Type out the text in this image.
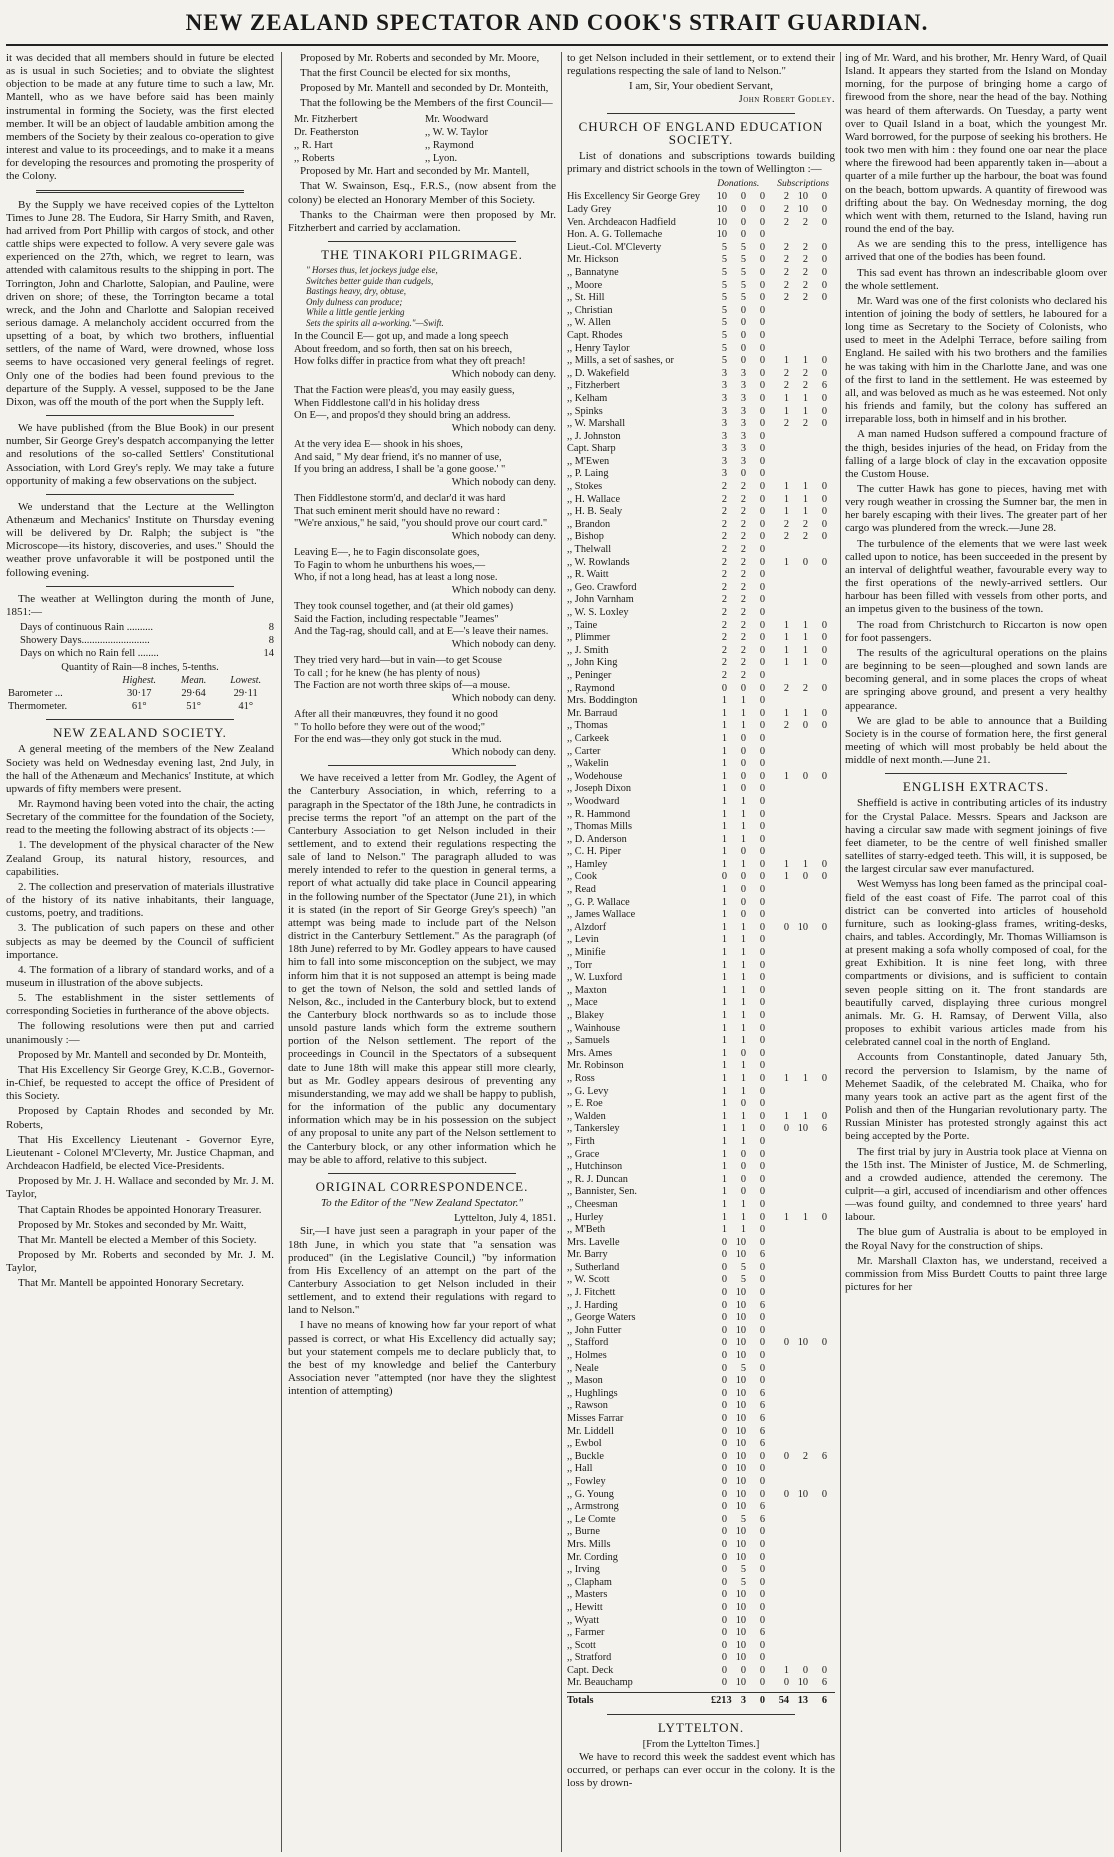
NEW ZEALAND SPECTATOR AND COOK'S STRAIT GUARDIAN.

it was decided that all members should in future be elected as is usual in such Societies; and to obviate the slightest objection to be made at any future time to such a law, Mr. Mantell, who as we have before said has been mainly instrumental in forming the Society, was the first elected member. It will be an object of laudable ambition among the members of the Society by their zealous co-operation to give interest and value to its proceedings, and to make it a means for developing the resources and promoting the prosperity of the Colony.

By the Supply we have received copies of the Lyttelton Times to June 28. The Eudora, Sir Harry Smith, and Raven, had arrived from Port Phillip with cargos of stock, and other cattle ships were expected to follow. A very severe gale was experienced on the 27th, which, we regret to learn, was attended with calamitous results to the shipping in port. The Torrington, John and Charlotte, Salopian, and Pauline, were driven on shore; of these, the Torrington became a total wreck, and the John and Charlotte and Salopian received serious damage. A melancholy accident occurred from the upsetting of a boat, by which two brothers, influential settlers, of the name of Ward, were drowned, whose loss seems to have occasioned very general feelings of regret. Only one of the bodies had been found previous to the departure of the Supply. A vessel, supposed to be the Jane Dixon, was off the mouth of the port when the Supply left.

We have published (from the Blue Book) in our present number, Sir George Grey's despatch accompanying the letter and resolutions of the so-called Settlers' Constitutional Association, with Lord Grey's reply. We may take a future opportunity of making a few observations on the subject.

We understand that the Lecture at the Wellington Athenæum and Mechanics' Institute on Thursday evening will be delivered by Dr. Ralph; the subject is "the Microscope—its history, discoveries, and uses." Should the weather prove unfavorable it will be postponed until the following evening.

The weather at Wellington during the month of June, 1851:—

Days of continuous Rain ..........	8
Showery Days..........................	8
Days on which no Rain fell ........	14
Quantity of Rain—8 inches, 5-tenths.
	Highest.	Mean.	Lowest.
Barometer ...	30·17	29·64	29·11
Thermometer.	61°	51°	41°
NEW ZEALAND SOCIETY.

A general meeting of the members of the New Zealand Society was held on Wednesday evening last, 2nd July, in the hall of the Athenæum and Mechanics' Institute, at which upwards of fifty members were present.

Mr. Raymond having been voted into the chair, the acting Secretary of the committee for the foundation of the Society, read to the meeting the following abstract of its objects :—

1. The development of the physical character of the New Zealand Group, its natural history, resources, and capabilities.

2. The collection and preservation of materials illustrative of the history of its native inhabitants, their language, customs, poetry, and traditions.

3. The publication of such papers on these and other subjects as may be deemed by the Council of sufficient importance.

4. The formation of a library of standard works, and of a museum in illustration of the above subjects.

5. The establishment in the sister settlements of corresponding Societies in furtherance of the above objects.

The following resolutions were then put and carried unanimously :—

Proposed by Mr. Mantell and seconded by Dr. Monteith,

That His Excellency Sir George Grey, K.C.B., Governor-in-Chief, be requested to accept the office of President of this Society.

Proposed by Captain Rhodes and seconded by Mr. Roberts,

That His Excellency Lieutenant - Governor Eyre, Lieutenant - Colonel M'Cleverty, Mr. Justice Chapman, and Archdeacon Hadfield, be elected Vice-Presidents.

Proposed by Mr. J. H. Wallace and seconded by Mr. J. M. Taylor,

That Captain Rhodes be appointed Honorary Treasurer.

Proposed by Mr. Stokes and seconded by Mr. Waitt,

That Mr. Mantell be elected a Member of this Society.

Proposed by Mr. Roberts and seconded by Mr. J. M. Taylor,

That Mr. Mantell be appointed Honorary Secretary.

Proposed by Mr. Roberts and seconded by Mr. Moore,

That the first Council be elected for six months,

Proposed by Mr. Mantell and seconded by Dr. Monteith,

That the following be the Members of the first Council—

Mr. Fitzherbert	Mr. Woodward
Dr. Featherston	,, W. W. Taylor
,, R. Hart	,, Raymond
,, Roberts	,, Lyon.

Proposed by Mr. Hart and seconded by Mr. Mantell,

That W. Swainson, Esq., F.R.S., (now absent from the colony) be elected an Honorary Member of this Society.

Thanks to the Chairman were then proposed by Mr. Fitzherbert and carried by acclamation.

THE TINAKORI PILGRIMAGE.
" Horses thus, let jockeys judge else,
Switches better guide than cudgels,
Bastings heavy, dry, obtuse,
Only dulness can produce;
While a little gentle jerking
Sets the spirits all a-working."—Swift.
In the Council E— got up, and made a long speech
About freedom, and so forth, then sat on his breech,
How folks differ in practice from what they oft preach!
Which nobody can deny.
That the Faction were pleas'd, you may easily guess,
When Fiddlestone call'd in his holiday dress
On E—, and propos'd they should bring an address.
Which nobody can deny.
At the very idea E— shook in his shoes,
And said, " My dear friend, it's no manner of use,
If you bring an address, I shall be 'a gone goose.' "
Which nobody can deny.
Then Fiddlestone storm'd, and declar'd it was hard
That such eminent merit should have no reward :
"We're anxious," he said, "you should prove our court card."
Which nobody can deny.
Leaving E—, he to Fagin disconsolate goes,
To Fagin to whom he unburthens his woes,—
Who, if not a long head, has at least a long nose.
Which nobody can deny.
They took counsel together, and (at their old games)
Said the Faction, including respectable "Jeames"
And the Tag-rag, should call, and at E—'s leave their names.
Which nobody can deny.
They tried very hard—but in vain—to get Scouse
To call ; for he knew (he has plenty of nous)
The Faction are not worth three skips of—a mouse.
Which nobody can deny.
After all their manœuvres, they found it no good
" To hollo before they were out of the wood;"
For the end was—they only got stuck in the mud.
Which nobody can deny.

We have received a letter from Mr. Godley, the Agent of the Canterbury Association, in which, referring to a paragraph in the Spectator of the 18th June, he contradicts in precise terms the report "of an attempt on the part of the Canterbury Association to get Nelson included in their settlement, and to extend their regulations respecting the sale of land to Nelson." The paragraph alluded to was merely intended to refer to the question in general terms, a report of what actually did take place in Council appearing in the following number of the Spectator (June 21), in which it is stated (in the report of Sir George Grey's speech) "an attempt was being made to include part of the Nelson district in the Canterbury Settlement." As the paragraph (of 18th June) referred to by Mr. Godley appears to have caused him to fall into some misconception on the subject, we may inform him that it is not supposed an attempt is being made to get the town of Nelson, the sold and settled lands of Nelson, &c., included in the Canterbury block, but to extend the Canterbury block northwards so as to include those unsold pasture lands which form the extreme southern portion of the Nelson settlement. The report of the proceedings in Council in the Spectators of a subsequent date to June 18th will make this appear still more clearly, but as Mr. Godley appears desirous of preventing any misunderstanding, we may add we shall be happy to publish, for the information of the public any documentary information which may be in his possession on the subject of any proposal to unite any part of the Nelson settlement to the Canterbury block, or any other information which he may be able to afford, relative to this subject.

ORIGINAL CORRESPONDENCE.

To the Editor of the "New Zealand Spectator."

Lyttelton, July 4, 1851.

Sir,—I have just seen a paragraph in your paper of the 18th June, in which you state that "a sensation was produced" (in the Legislative Council,) "by information from His Excellency of an attempt on the part of the Canterbury Association to get Nelson included in their settlement, and to extend their regulations with regard to land to Nelson."

I have no means of knowing how far your report of what passed is correct, or what His Excellency did actually say; but your statement compels me to declare publicly that, to the best of my knowledge and belief the Canterbury Association never "attempted (nor have they the slightest intention of attempting)

to get Nelson included in their settlement, or to extend their regulations respecting the sale of land to Nelson."

I am, Sir, Your obedient Servant,
John Robert Godley.
CHURCH OF ENGLAND EDUCATION SOCIETY.

List of donations and subscriptions towards building primary and district schools in the town of Wellington :—

Donations. Subscriptions
His Excellency Sir George Grey	10	0	0	2 10	0
Lady Grey	10	0	0	2 10	0
Ven. Archdeacon Hadfield	10	0	0	2	2	0
Hon. A. G. Tollemache	10	0	0
Lieut.-Col. M'Cleverty	5	5	0	2	2	0
Mr. Hickson	5	5	0	2	2	0
,, Bannatyne	5	5	0	2	2	0
,, Moore	5	5	0	2	2	0
,, St. Hill	5	5	0	2	2	0
,, Christian	5	0	0
,, W. Allen	5	0	0
Capt. Rhodes	5	0	0
,, Henry Taylor	5	0	0
,, Mills, a set of sashes, or	5	0	0	1	1	0
,, D. Wakefield	3	3	0	2	2	0
,, Fitzherbert	3	3	0	2	2	6
,, Kelham	3	3	0	1	1	0
,, Spinks	3	3	0	1	1	0
,, W. Marshall	3	3	0	2	2	0
,, J. Johnston	3	3	0
Capt. Sharp	3	3	0
,, M'Ewen	3	3	0
,, P. Laing	3	0	0
,, Stokes	2	2	0	1	1	0
,, H. Wallace	2	2	0	1	1	0
,, H. B. Sealy	2	2	0	1	1	0
,, Brandon	2	2	0	2	2	0
,, Bishop	2	2	0	2	2	0
,, Thelwall	2	2	0
,, W. Rowlands	2	2	0	1	0	0
,, R. Waitt	2	2	0
,, Geo. Crawford	2	2	0
,, John Varnham	2	2	0
,, W. S. Loxley	2	2	0
,, Taine	2	2	0	1	1	0
,, Plimmer	2	2	0	1	1	0
,, J. Smith	2	2	0	1	1	0
,, John King	2	2	0	1	1	0
,, Peninger	2	2	0
,, Raymond	0	0	0	2	2	0
Mrs. Boddington	1	1	0
Mr. Barraud	1	1	0	1	1	0
,, Thomas	1	1	0	2	0	0
,, Carkeek	1	0	0
,, Carter	1	0	0
,, Wakelin	1	0	0
,, Wodehouse	1	0	0	1	0	0
,, Joseph Dixon	1	0	0
,, Woodward	1	1	0
,, R. Hammond	1	1	0
,, Thomas Mills	1	1	0
,, D. Anderson	1	1	0
,, C. H. Piper	1	0	0
,, Hamley	1	1	0	1	1	0
,, Cook	0	0	0	1	0	0
,, Read	1	0	0
,, G. P. Wallace	1	0	0
,, James Wallace	1	0	0
,, Alzdorf	1	1	0	0 10	0
,, Levin	1	1	0
,, Minifie	1	1	0
,, Torr	1	1	0
,, W. Luxford	1	1	0
,, Maxton	1	1	0
,, Mace	1	1	0
,, Blakey	1	1	0
,, Wainhouse	1	1	0
,, Samuels	1	1	0
Mrs. Ames	1	0	0
Mr. Robinson	1	1	0
,, Ross	1	1	0	1	1	0
,, G. Levy	1	1	0
,, E. Roe	1	0	0
,, Walden	1	1	0	1	1	0
,, Tankersley	1	1	0	0 10	6
,, Firth	1	1	0
,, Grace	1	0	0
,, Hutchinson	1	0	0
,, R. J. Duncan	1	0	0
,, Bannister, Sen.	1	0	0
,, Cheesman	1	1	0
,, Hurley	1	1	0	1	1	0
,, M'Beth	1	1	0
Mrs. Lavelle	0 10	0
Mr. Barry	0 10	6
,, Sutherland	0	5	0
,, W. Scott	0	5	0
,, J. Fitchett	0 10	0
,, J. Harding	0 10	6
,, George Waters	0 10	0
,, John Futter	0 10	0
,, Stafford	0 10	0	0 10	0
,, Holmes	0 10	0
,, Neale	0	5	0
,, Mason	0 10	0
,, Hughlings	0 10	6
,, Rawson	0 10	6
Misses Farrar	0 10	6
Mr. Liddell	0 10	6
,, Ewbol	0 10	6
,, Buckle	0 10	0	0	2	6
,, Hall	0 10	0
,, Fowley	0 10	0
,, G. Young	0 10	0	0 10	0
,, Armstrong	0 10	6
,, Le Comte	0	5	6
,, Burne	0 10	0
Mrs. Mills	0 10	0
Mr. Cording	0 10	0
,, Irving	0	5	0
,, Clapham	0	5	0
,, Masters	0 10	0
,, Hewitt	0 10	0
,, Wyatt	0 10	0
,, Farmer	0 10	6
,, Scott	0 10	0
,, Stratford	0 10	0
Capt. Deck	0	0	0	1	0	0
Mr. Beauchamp	0 10	0	0 10	6
Totals	£213 3	0	54 13	6
LYTTELTON.
[From the Lyttelton Times.]

We have to record this week the saddest event which has occurred, or perhaps can ever occur in the colony. It is the loss by drown-

ing of Mr. Ward, and his brother, Mr. Henry Ward, of Quail Island. It appears they started from the Island on Monday morning, for the purpose of bringing home a cargo of firewood from the shore, near the head of the bay. Nothing was heard of them afterwards. On Tuesday, a party went over to Quail Island in a boat, which the youngest Mr. Ward borrowed, for the purpose of seeking his brothers. He took two men with him : they found one oar near the place where the firewood had been apparently taken in—about a quarter of a mile further up the harbour, the boat was found on the beach, bottom upwards. A quantity of firewood was drifting about the bay. On Wednesday morning, the dog which went with them, returned to the Island, having run round the end of the bay.

As we are sending this to the press, intelligence has arrived that one of the bodies has been found.

This sad event has thrown an indescribable gloom over the whole settlement.

Mr. Ward was one of the first colonists who declared his intention of joining the body of settlers, he laboured for a long time as Secretary to the Society of Colonists, who used to meet in the Adelphi Terrace, before sailing from England. He sailed with his two brothers and the families he was taking with him in the Charlotte Jane, and was one of the first to land in the settlement. He was esteemed by all, and was beloved as much as he was esteemed. Not only his friends and family, but the colony has suffered an irreparable loss, both in himself and in his brother.

A man named Hudson suffered a compound fracture of the thigh, besides injuries of the head, on Friday from the falling of a large block of clay in the excavation opposite the Custom House.

The cutter Hawk has gone to pieces, having met with very rough weather in crossing the Sumner bar, the men in her barely escaping with their lives. The greater part of her cargo was plundered from the wreck.—June 28.

The turbulence of the elements that we were last week called upon to notice, has been succeeded in the present by an interval of delightful weather, favourable every way to the first operations of the newly-arrived settlers. Our harbour has been filled with vessels from other ports, and an impetus given to the business of the town.

The road from Christchurch to Riccarton is now open for foot passengers.

The results of the agricultural operations on the plains are beginning to be seen—ploughed and sown lands are becoming general, and in some places the crops of wheat are springing above ground, and present a very healthy appearance.

We are glad to be able to announce that a Building Society is in the course of formation here, the first general meeting of which will most probably be held about the middle of next month.—June 21.

ENGLISH EXTRACTS.

Sheffield is active in contributing articles of its industry for the Crystal Palace. Messrs. Spears and Jackson are having a circular saw made with segment joinings of five feet diameter, to be the centre of well finished smaller satellites of starry-edged teeth. This will, it is supposed, be the largest circular saw ever manufactured.

West Wemyss has long been famed as the principal coal-field of the east coast of Fife. The parrot coal of this district can be converted into articles of household furniture, such as looking-glass frames, writing-desks, chairs, and tables. Accordingly, Mr. Thomas Williamson is at present making a sofa wholly composed of coal, for the great Exhibition. It is nine feet long, with three compartments or divisions, and is sufficient to contain seven people sitting on it. The front standards are beautifully carved, displaying three curious mongrel animals. Mr. G. H. Ramsay, of Derwent Villa, also proposes to exhibit various articles made from his celebrated cannel coal in the north of England.

Accounts from Constantinople, dated January 5th, record the perversion to Islamism, by the name of Mehemet Saadik, of the celebrated M. Chaika, who for many years took an active part as the agent first of the Polish and then of the Hungarian revolutionary party. The Russian Minister has protested strongly against this act being accepted by the Porte.

The first trial by jury in Austria took place at Vienna on the 15th inst. The Minister of Justice, M. de Schmerling, and a crowded audience, attended the ceremony. The culprit—a girl, accused of incendiarism and other offences—was found guilty, and condemned to three years' hard labour.

The blue gum of Australia is about to be employed in the Royal Navy for the construction of ships.

Mr. Marshall Claxton has, we understand, received a commission from Miss Burdett Coutts to paint three large pictures for her
